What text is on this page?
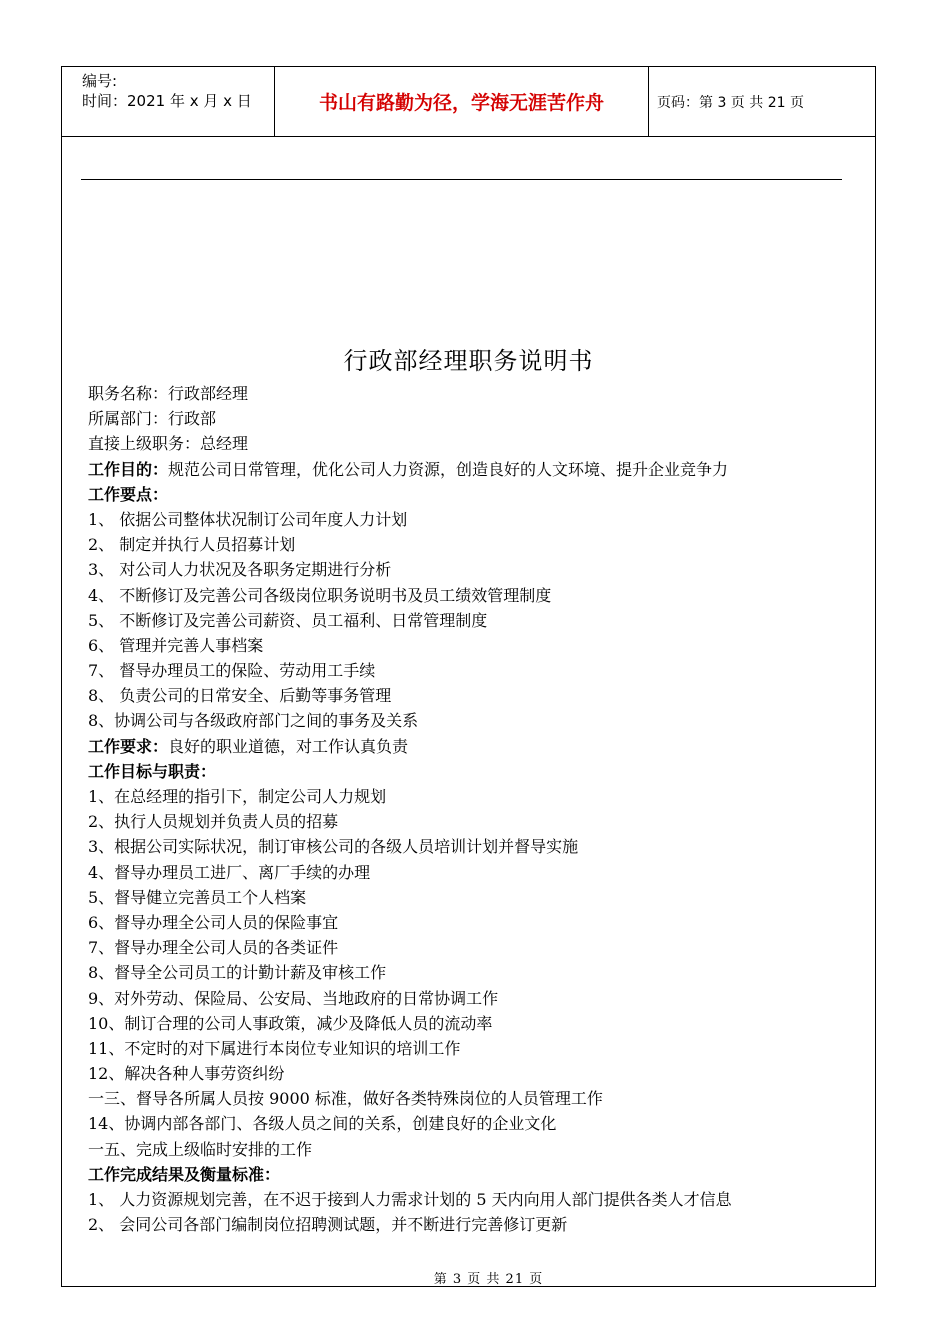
编号:
时间：2021 年 x 月 x 日	书山有路勤为径，学海无涯苦作舟	页码：第 3 页 共 21 页
行政部经理职务说明书
职务名称：行政部经理
所属部门：行政部
直接上级职务：总经理
工作目的：规范公司日常管理，优化公司人力资源，创造良好的人文环境、提升企业竞争力
工作要点：
1、 依据公司整体状况制订公司年度人力计划
2、 制定并执行人员招募计划
3、 对公司人力状况及各职务定期进行分析
4、 不断修订及完善公司各级岗位职务说明书及员工绩效管理制度
5、 不断修订及完善公司薪资、员工福利、日常管理制度
6、 管理并完善人事档案
7、 督导办理员工的保险、劳动用工手续
8、 负责公司的日常安全、后勤等事务管理
8、协调公司与各级政府部门之间的事务及关系
工作要求：良好的职业道德，对工作认真负责
工作目标与职责：
1、在总经理的指引下，制定公司人力规划
2、执行人员规划并负责人员的招募
3、根据公司实际状况，制订审核公司的各级人员培训计划并督导实施
4、督导办理员工进厂、离厂手续的办理
5、督导健立完善员工个人档案
6、督导办理全公司人员的保险事宜
7、督导办理全公司人员的各类证件
8、督导全公司员工的计勤计薪及审核工作
9、对外劳动、保险局、公安局、当地政府的日常协调工作
10、制订合理的公司人事政策，减少及降低人员的流动率
11、不定时的对下属进行本岗位专业知识的培训工作
12、解决各种人事劳资纠纷
一三、督导各所属人员按 9000 标准，做好各类特殊岗位的人员管理工作
14、协调内部各部门、各级人员之间的关系，创建良好的企业文化
一五、完成上级临时安排的工作
工作完成结果及衡量标准：
1、 人力资源规划完善，在不迟于接到人力需求计划的 5 天内向用人部门提供各类人才信息
2、 会同公司各部门编制岗位招聘测试题，并不断进行完善修订更新
第 3 页 共 21 页
